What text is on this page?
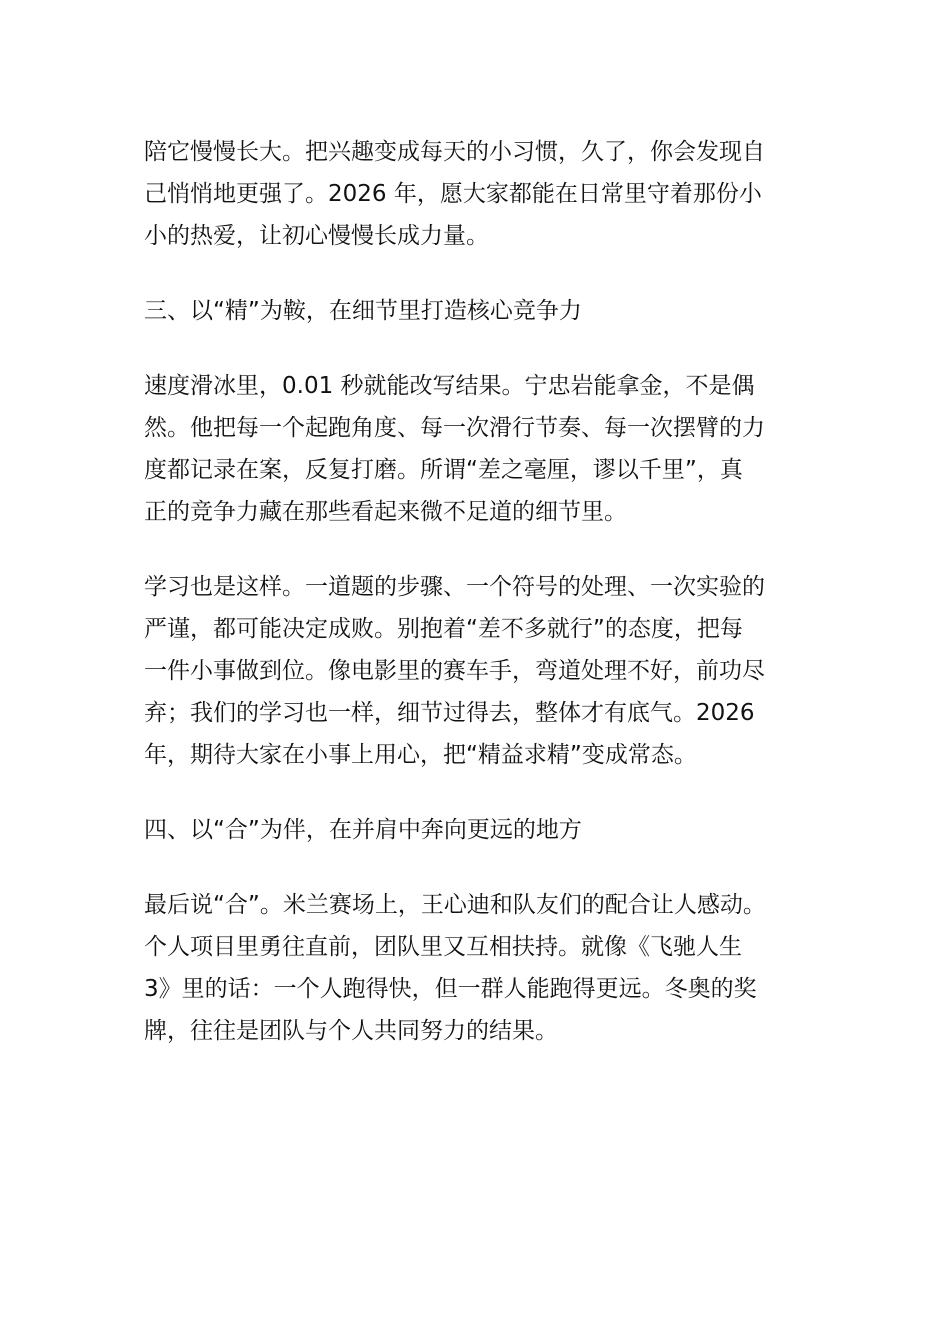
陪它慢慢长大。把兴趣变成每天的小习惯，久了，你会发现自
己悄悄地更强了。2026 年，愿大家都能在日常里守着那份小
小的热爱，让初心慢慢长成力量。
三、以“精”为鞍，在细节里打造核心竞争力
速度滑冰里，0.01 秒就能改写结果。宁忠岩能拿金，不是偶
然。他把每一个起跑角度、每一次滑行节奏、每一次摆臂的力
度都记录在案，反复打磨。所谓“差之毫厘，谬以千里”，真
正的竞争力藏在那些看起来微不足道的细节里。
学习也是这样。一道题的步骤、一个符号的处理、一次实验的
严谨，都可能决定成败。别抱着“差不多就行”的态度，把每
一件小事做到位。像电影里的赛车手，弯道处理不好，前功尽
弃；我们的学习也一样，细节过得去，整体才有底气。2026
年，期待大家在小事上用心，把“精益求精”变成常态。
四、以“合”为伴，在并肩中奔向更远的地方
最后说“合”。米兰赛场上，王心迪和队友们的配合让人感动。
个人项目里勇往直前，团队里又互相扶持。就像《飞驰人生
3》里的话：一个人跑得快，但一群人能跑得更远。冬奥的奖
牌，往往是团队与个人共同努力的结果。
